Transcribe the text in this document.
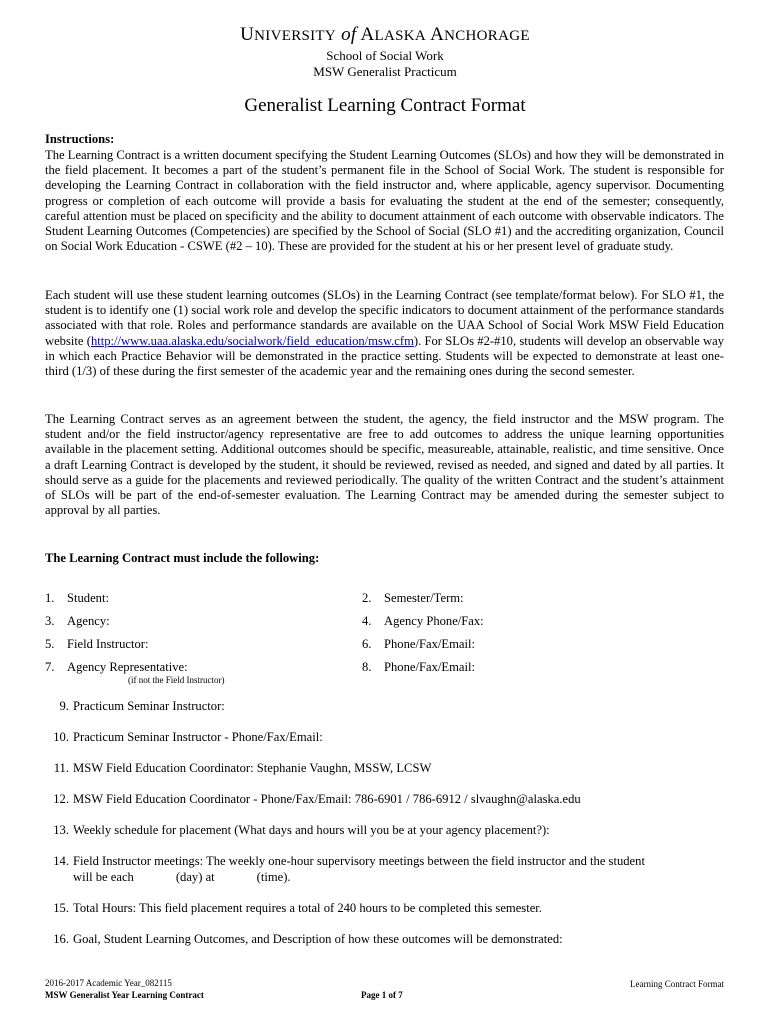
UNIVERSITY of ALASKA ANCHORAGE
School of Social Work
MSW Generalist Practicum
Generalist Learning Contract Format
Instructions:

The Learning Contract is a written document specifying the Student Learning Outcomes (SLOs) and how they will be demonstrated in the field placement. It becomes a part of the student’s permanent file in the School of Social Work. The student is responsible for developing the Learning Contract in collaboration with the field instructor and, where applicable, agency supervisor. Documenting progress or completion of each outcome will provide a basis for evaluating the student at the end of the semester; consequently, careful attention must be placed on specificity and the ability to document attainment of each outcome with observable indicators. The Student Learning Outcomes (Competencies) are specified by the School of Social (SLO #1) and the accrediting organization, Council on Social Work Education - CSWE (#2 – 10). These are provided for the student at his or her present level of graduate study.

Each student will use these student learning outcomes (SLOs) in the Learning Contract (see template/format below). For SLO #1, the student is to identify one (1) social work role and develop the specific indicators to document attainment of the performance standards associated with that role. Roles and performance standards are available on the UAA School of Social Work MSW Field Education website (http://www.uaa.alaska.edu/socialwork/field_education/msw.cfm). For SLOs #2-#10, students will develop an observable way in which each Practice Behavior will be demonstrated in the practice setting. Students will be expected to demonstrate at least one-third (1/3) of these during the first semester of the academic year and the remaining ones during the second semester.

The Learning Contract serves as an agreement between the student, the agency, the field instructor and the MSW program. The student and/or the field instructor/agency representative are free to add outcomes to address the unique learning opportunities available in the placement setting. Additional outcomes should be specific, measureable, attainable, realistic, and time sensitive. Once a draft Learning Contract is developed by the student, it should be reviewed, revised as needed, and signed and dated by all parties. It should serve as a guide for the placements and reviewed periodically. The quality of the written Contract and the student’s attainment of SLOs will be part of the end-of-semester evaluation. The Learning Contract may be amended during the semester subject to approval by all parties.

The Learning Contract must include the following:
1. Student:	2. Semester/Term:
3. Agency:	4. Agency Phone/Fax:
5. Field Instructor:	6. Phone/Fax/Email:
7. Agency Representative:	8. Phone/Fax/Email:
(if not the Field Instructor)
9. Practicum Seminar Instructor:
10. Practicum Seminar Instructor - Phone/Fax/Email:
11. MSW Field Education Coordinator: Stephanie Vaughn, MSSW, LCSW
12. MSW Field Education Coordinator - Phone/Fax/Email: 786-6901 / 786-6912 / slvaughn@alaska.edu
13. Weekly schedule for placement (What days and hours will you be at your agency placement?):
14. Field Instructor meetings: The weekly one-hour supervisory meetings between the field instructor and the student
will be each	(day) at	(time).
15. Total Hours: This field placement requires a total of 240 hours to be completed this semester.
16. Goal, Student Learning Outcomes, and Description of how these outcomes will be demonstrated:
2016-2017 Academic Year_082115
MSW Generalist Year Learning Contract	Page 1 of 7
Learning Contract Format
